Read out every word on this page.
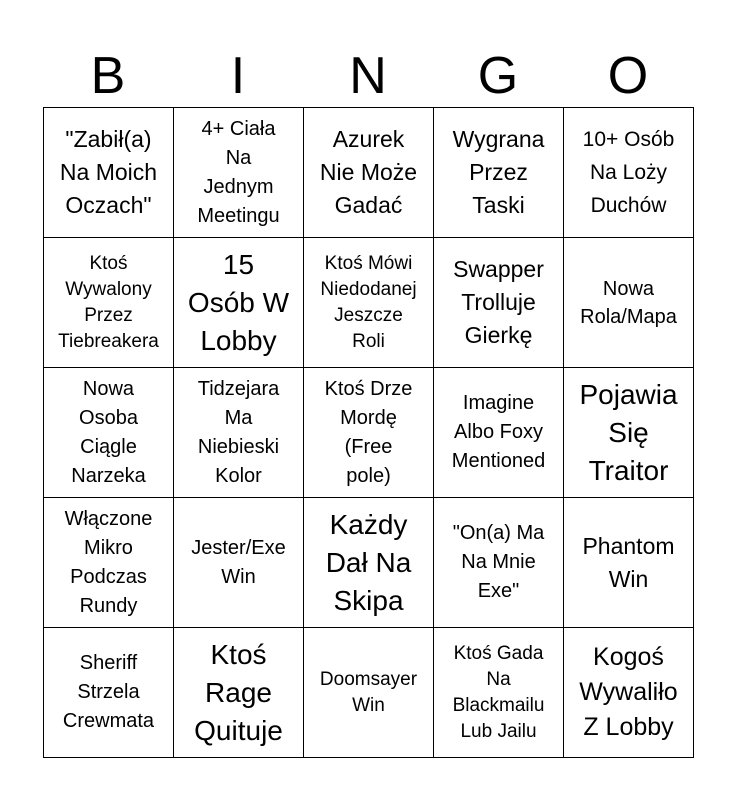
B	I	N	G	O
"Zabił(a)
Na Moich
Oczach"	4+ Ciała
Na
Jednym
Meetingu	Azurek
Nie Może
Gadać	Wygrana
Przez
Taski	10+ Osób
Na Loży
Duchów

Ktoś
Wywalony
Przez
Tiebreakera	15
Osób W
Lobby	Ktoś Mówi
Niedodanej
Jeszcze
Roli	Swapper
Trolluje
Gierkę	Nowa
Rola/Mapa

Nowa
Osoba
Ciągle
Narzeka	Tidzejara
Ma
Niebieski
Kolor	Ktoś Drze
Mordę
(Free
pole)	Imagine
Albo Foxy
Mentioned	Pojawia
Się
Traitor

Włączone
Mikro
Podczas
Rundy	Jester/Exe
Win	Każdy
Dał Na
Skipa	"On(a) Ma
Na Mnie
Exe"	Phantom
Win

Sheriff
Strzela
Crewmata	Ktoś
Rage
Quituje	Doomsayer
Win	Ktoś Gada
Na
Blackmailu
Lub Jailu	Kogoś
Wywaliło
Z Lobby
